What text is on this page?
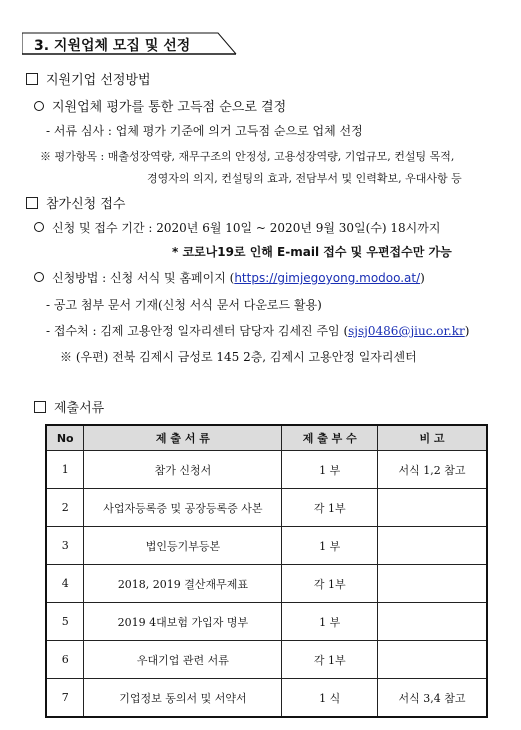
3. 지원업체 모집 및 선정
지원기업 선정방법
지원업체 평가를 통한 고득점 순으로 결정
- 서류 심사 : 업체 평가 기준에 의거 고득점 순으로 업체 선정
※ 평가항목 : 매출성장역량, 재무구조의 안정성, 고용성장역량, 기업규모, 컨설팅 목적,
경영자의 의지, 컨설팅의 효과, 전담부서 및 인력확보, 우대사항 등
참가신청 접수
신청 및 접수 기간 : 2020년 6월 10일 ~ 2020년 9월 30일(수) 18시까지
* 코로나19로 인해 E-mail 접수 및 우편접수만 가능
신청방법 : 신청 서식 및 홈페이지 (https://gimjegoyong.modoo.at/)
- 공고 첨부 문서 기재(신청 서식 문서 다운로드 활용)
- 접수처 : 김제 고용안정 일자리센터 담당자 김세진 주임 (sjsj0486@jiuc.or.kr)
※ (우편) 전북 김제시 금성로 145 2층, 김제시 고용안정 일자리센터
제출서류
No	제 출 서 류	제 출 부 수	비 고
1	참가 신청서	1 부	서식 1,2 참고
2	사업자등록증 및 공장등록증 사본	각 1부	
3	법인등기부등본	1 부	
4	2018, 2019 결산재무제표	각 1부	
5	2019 4대보험 가입자 명부	1 부	
6	우대기업 관련 서류	각 1부	
7	기업정보 동의서 및 서약서	1 식	서식 3,4 참고
